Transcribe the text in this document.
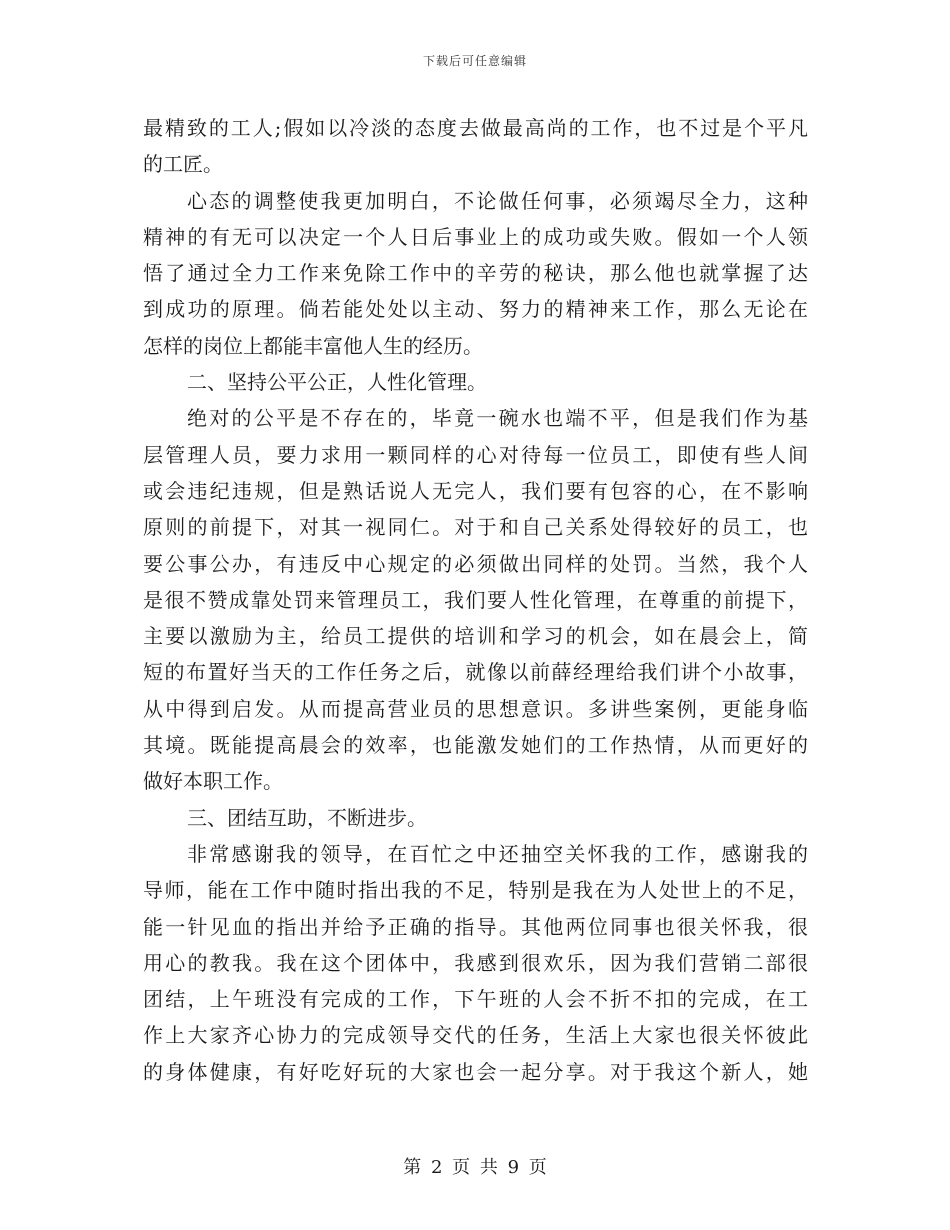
下载后可任意编辑
最精致的工人;假如以冷淡的态度去做最高尚的工作，也不过是个平凡
的工匠。
心态的调整使我更加明白，不论做任何事，必须竭尽全力，这种
精神的有无可以决定一个人日后事业上的成功或失败。假如一个人领
悟了通过全力工作来免除工作中的辛劳的秘诀，那么他也就掌握了达
到成功的原理。倘若能处处以主动、努力的精神来工作，那么无论在
怎样的岗位上都能丰富他人生的经历。
二、坚持公平公正，人性化管理。
绝对的公平是不存在的，毕竟一碗水也端不平，但是我们作为基
层管理人员，要力求用一颗同样的心对待每一位员工，即使有些人间
或会违纪违规，但是熟话说人无完人，我们要有包容的心，在不影响
原则的前提下，对其一视同仁。对于和自己关系处得较好的员工，也
要公事公办，有违反中心规定的必须做出同样的处罚。当然，我个人
是很不赞成靠处罚来管理员工，我们要人性化管理，在尊重的前提下，
主要以激励为主，给员工提供的培训和学习的机会，如在晨会上，简
短的布置好当天的工作任务之后，就像以前薛经理给我们讲个小故事，
从中得到启发。从而提高营业员的思想意识。多讲些案例，更能身临
其境。既能提高晨会的效率，也能激发她们的工作热情，从而更好的
做好本职工作。
三、团结互助，不断进步。
非常感谢我的领导，在百忙之中还抽空关怀我的工作，感谢我的
导师，能在工作中随时指出我的不足，特别是我在为人处世上的不足，
能一针见血的指出并给予正确的指导。其他两位同事也很关怀我，很
用心的教我。我在这个团体中，我感到很欢乐，因为我们营销二部很
团结，上午班没有完成的工作，下午班的人会不折不扣的完成，在工
作上大家齐心协力的完成领导交代的任务，生活上大家也很关怀彼此
的身体健康，有好吃好玩的大家也会一起分享。对于我这个新人，她
第 2 页 共 9 页
